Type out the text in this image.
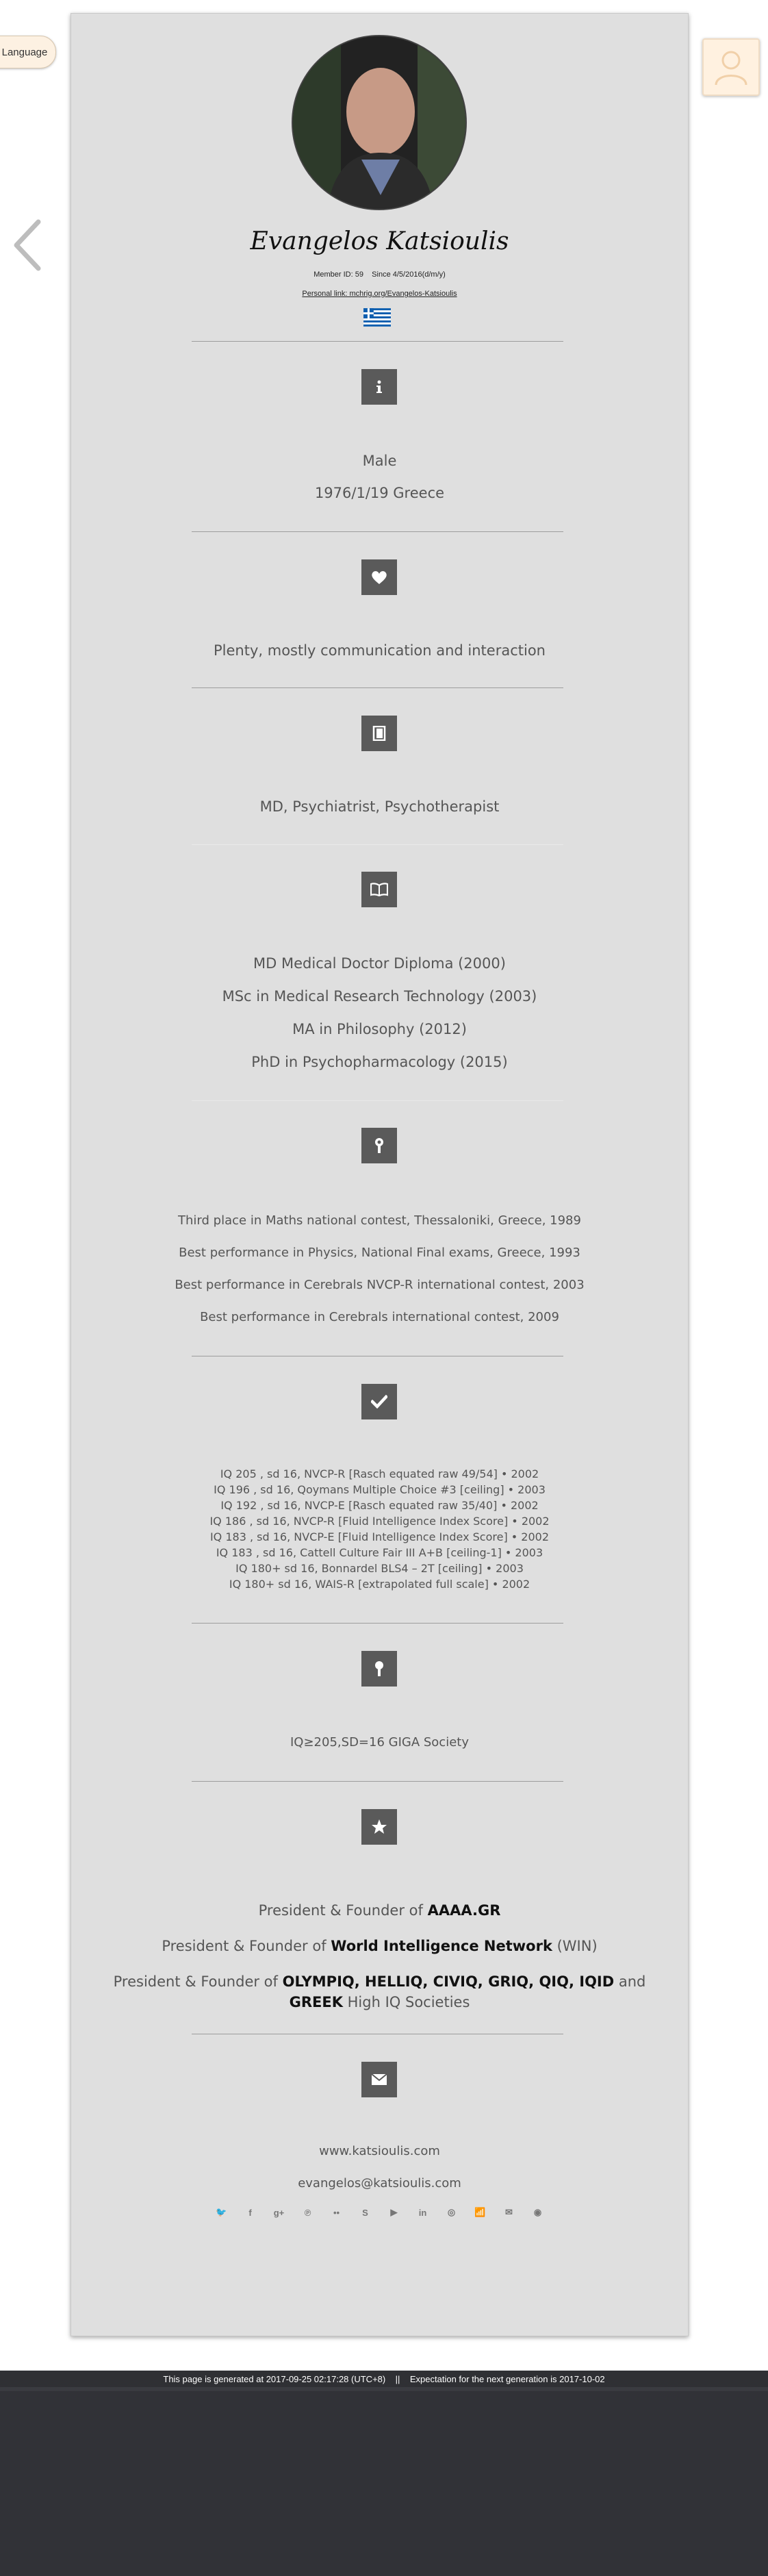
Language
Evangelos Katsioulis
Member ID: 59    Since 4/5/2016(d/m/y)
Personal link: mchrig.org/Evangelos-Katsioulis
Male
1976/1/19 Greece
Plenty, mostly communication and interaction
MD, Psychiatrist, Psychotherapist
MD Medical Doctor Diploma (2000)
MSc in Medical Research Technology (2003)
MA in Philosophy (2012)
PhD in Psychopharmacology (2015)
Third place in Maths national contest, Thessaloniki, Greece, 1989
Best performance in Physics, National Final exams, Greece, 1993
Best performance in Cerebrals NVCP-R international contest, 2003
Best performance in Cerebrals international contest, 2009
IQ 205 , sd 16, NVCP-R [Rasch equated raw 49/54] • 2002
IQ 196 , sd 16, Qoymans Multiple Choice #3 [ceiling] • 2003
IQ 192 , sd 16, NVCP-E [Rasch equated raw 35/40] • 2002
IQ 186 , sd 16, NVCP-R [Fluid Intelligence Index Score] • 2002
IQ 183 , sd 16, NVCP-E [Fluid Intelligence Index Score] • 2002
IQ 183 , sd 16, Cattell Culture Fair III A+B [ceiling-1] • 2003
IQ 180+ sd 16, Bonnardel BLS4 – 2T [ceiling] • 2003
IQ 180+ sd 16, WAIS-R [extrapolated full scale] • 2002
IQ≥205,SD=16 GIGA Society
President & Founder of AAAA.GR
President & Founder of World Intelligence Network (WIN)
President & Founder of OLYMPIQ, HELLIQ, CIVIQ, GRIQ, QIQ, IQID and
GREEK High IQ Societies
www.katsioulis.com
evangelos@katsioulis.com
🐦	f	g+	℗	••	S	▶	in	◎	📶	✉	◉
This page is generated at 2017-09-25 02:17:28 (UTC+8)    ||    Expectation for the next generation is 2017-10-02
